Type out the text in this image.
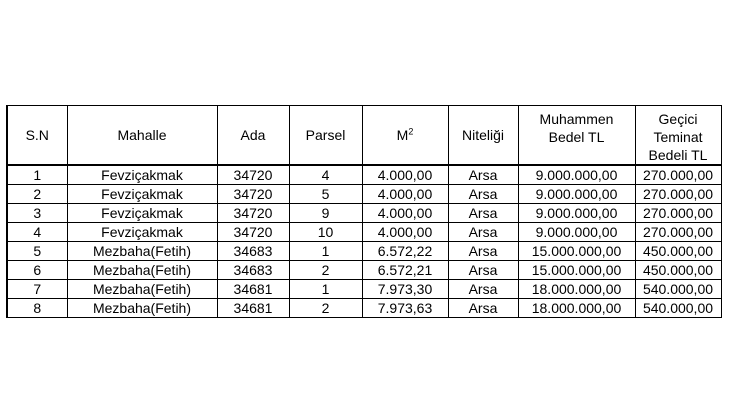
S.N	Mahalle	Ada	Parsel	$M^2$	Niteliği	Muhammen Bedel TL	Geçici Teminat Bedeli TL
1	Fevziçakmak	34720	4	4.000,00	Arsa	9.000.000,00	270.000,00
2	Fevziçakmak	34720	5	4.000,00	Arsa	9.000.000,00	270.000,00
3	Fevziçakmak	34720	9	4.000,00	Arsa	9.000.000,00	270.000,00
4	Fevziçakmak	34720	10	4.000,00	Arsa	9.000.000,00	270.000,00
5	Mezbaha(Fetih)	34683	1	6.572,22	Arsa	15.000.000,00	450.000,00
6	Mezbaha(Fetih)	34683	2	6.572,21	Arsa	15.000.000,00	450.000,00
7	Mezbaha(Fetih)	34681	1	7.973,30	Arsa	18.000.000,00	540.000,00
8	Mezbaha(Fetih)	34681	2	7.973,63	Arsa	18.000.000,00	540.000,00
